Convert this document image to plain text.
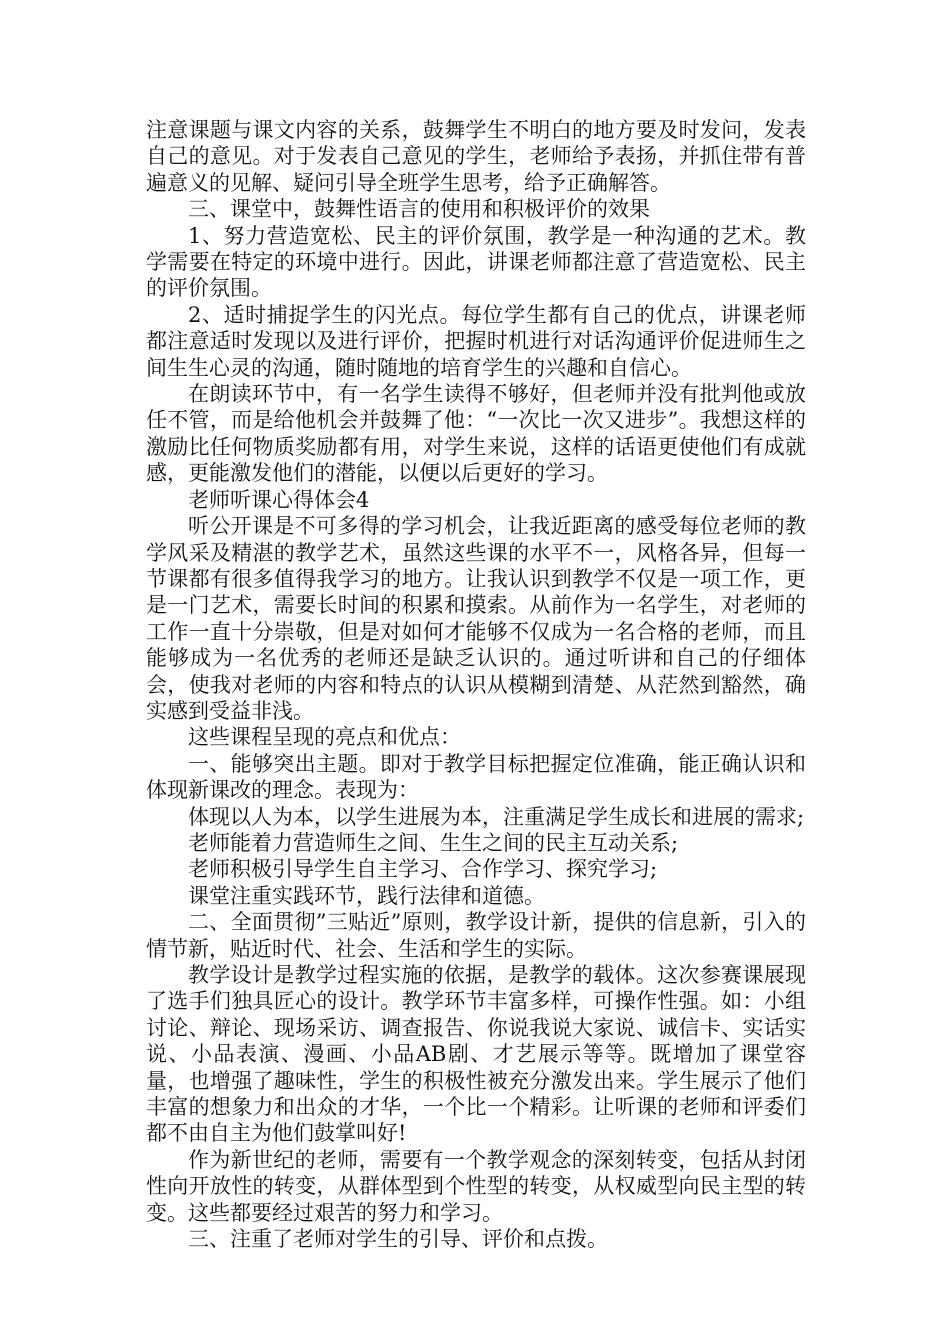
注意课题与课文内容的关系，鼓舞学生不明白的地方要及时发问，发表自己的意见。对于发表自己意见的学生，老师给予表扬，并抓住带有普遍意义的见解、疑问引导全班学生思考，给予正确解答。

三、课堂中，鼓舞性语言的使用和积极评价的效果

1、努力营造宽松、民主的评价氛围，教学是一种沟通的艺术。教学需要在特定的环境中进行。因此，讲课老师都注意了营造宽松、民主的评价氛围。

2、适时捕捉学生的闪光点。每位学生都有自己的优点，讲课老师都注意适时发现以及进行评价，把握时机进行对话沟通评价促进师生之间生生心灵的沟通，随时随地的培育学生的兴趣和自信心。

在朗读环节中，有一名学生读得不够好，但老师并没有批判他或放任不管，而是给他机会并鼓舞了他：“一次比一次又进步”。我想这样的激励比任何物质奖励都有用，对学生来说，这样的话语更使他们有成就感，更能激发他们的潜能，以便以后更好的学习。

老师听课心得体会4

听公开课是不可多得的学习机会，让我近距离的感受每位老师的教学风采及精湛的教学艺术，虽然这些课的水平不一，风格各异，但每一节课都有很多值得我学习的地方。让我认识到教学不仅是一项工作，更是一门艺术，需要长时间的积累和摸索。从前作为一名学生，对老师的工作一直十分崇敬，但是对如何才能够不仅成为一名合格的老师，而且能够成为一名优秀的老师还是缺乏认识的。通过听讲和自己的仔细体会，使我对老师的内容和特点的认识从模糊到清楚、从茫然到豁然，确实感到受益非浅。

这些课程呈现的亮点和优点：

一、能够突出主题。即对于教学目标把握定位准确，能正确认识和体现新课改的理念。表现为：

体现以人为本，以学生进展为本，注重满足学生成长和进展的需求;

老师能着力营造师生之间、生生之间的民主互动关系;

老师积极引导学生自主学习、合作学习、探究学习;

课堂注重实践环节，践行法律和道德。

二、全面贯彻”三贴近”原则，教学设计新，提供的信息新，引入的情节新，贴近时代、社会、生活和学生的实际。

教学设计是教学过程实施的依据，是教学的载体。这次参赛课展现了选手们独具匠心的设计。教学环节丰富多样，可操作性强。如：小组讨论、辩论、现场采访、调查报告、你说我说大家说、诚信卡、实话实说、小品表演、漫画、小品AB剧、才艺展示等等。既增加了课堂容量，也增强了趣味性，学生的积极性被充分激发出来。学生展示了他们丰富的想象力和出众的才华，一个比一个精彩。让听课的老师和评委们都不由自主为他们鼓掌叫好!

作为新世纪的老师，需要有一个教学观念的深刻转变，包括从封闭性向开放性的转变，从群体型到个性型的转变，从权威型向民主型的转变。这些都要经过艰苦的努力和学习。

三、注重了老师对学生的引导、评价和点拨。
